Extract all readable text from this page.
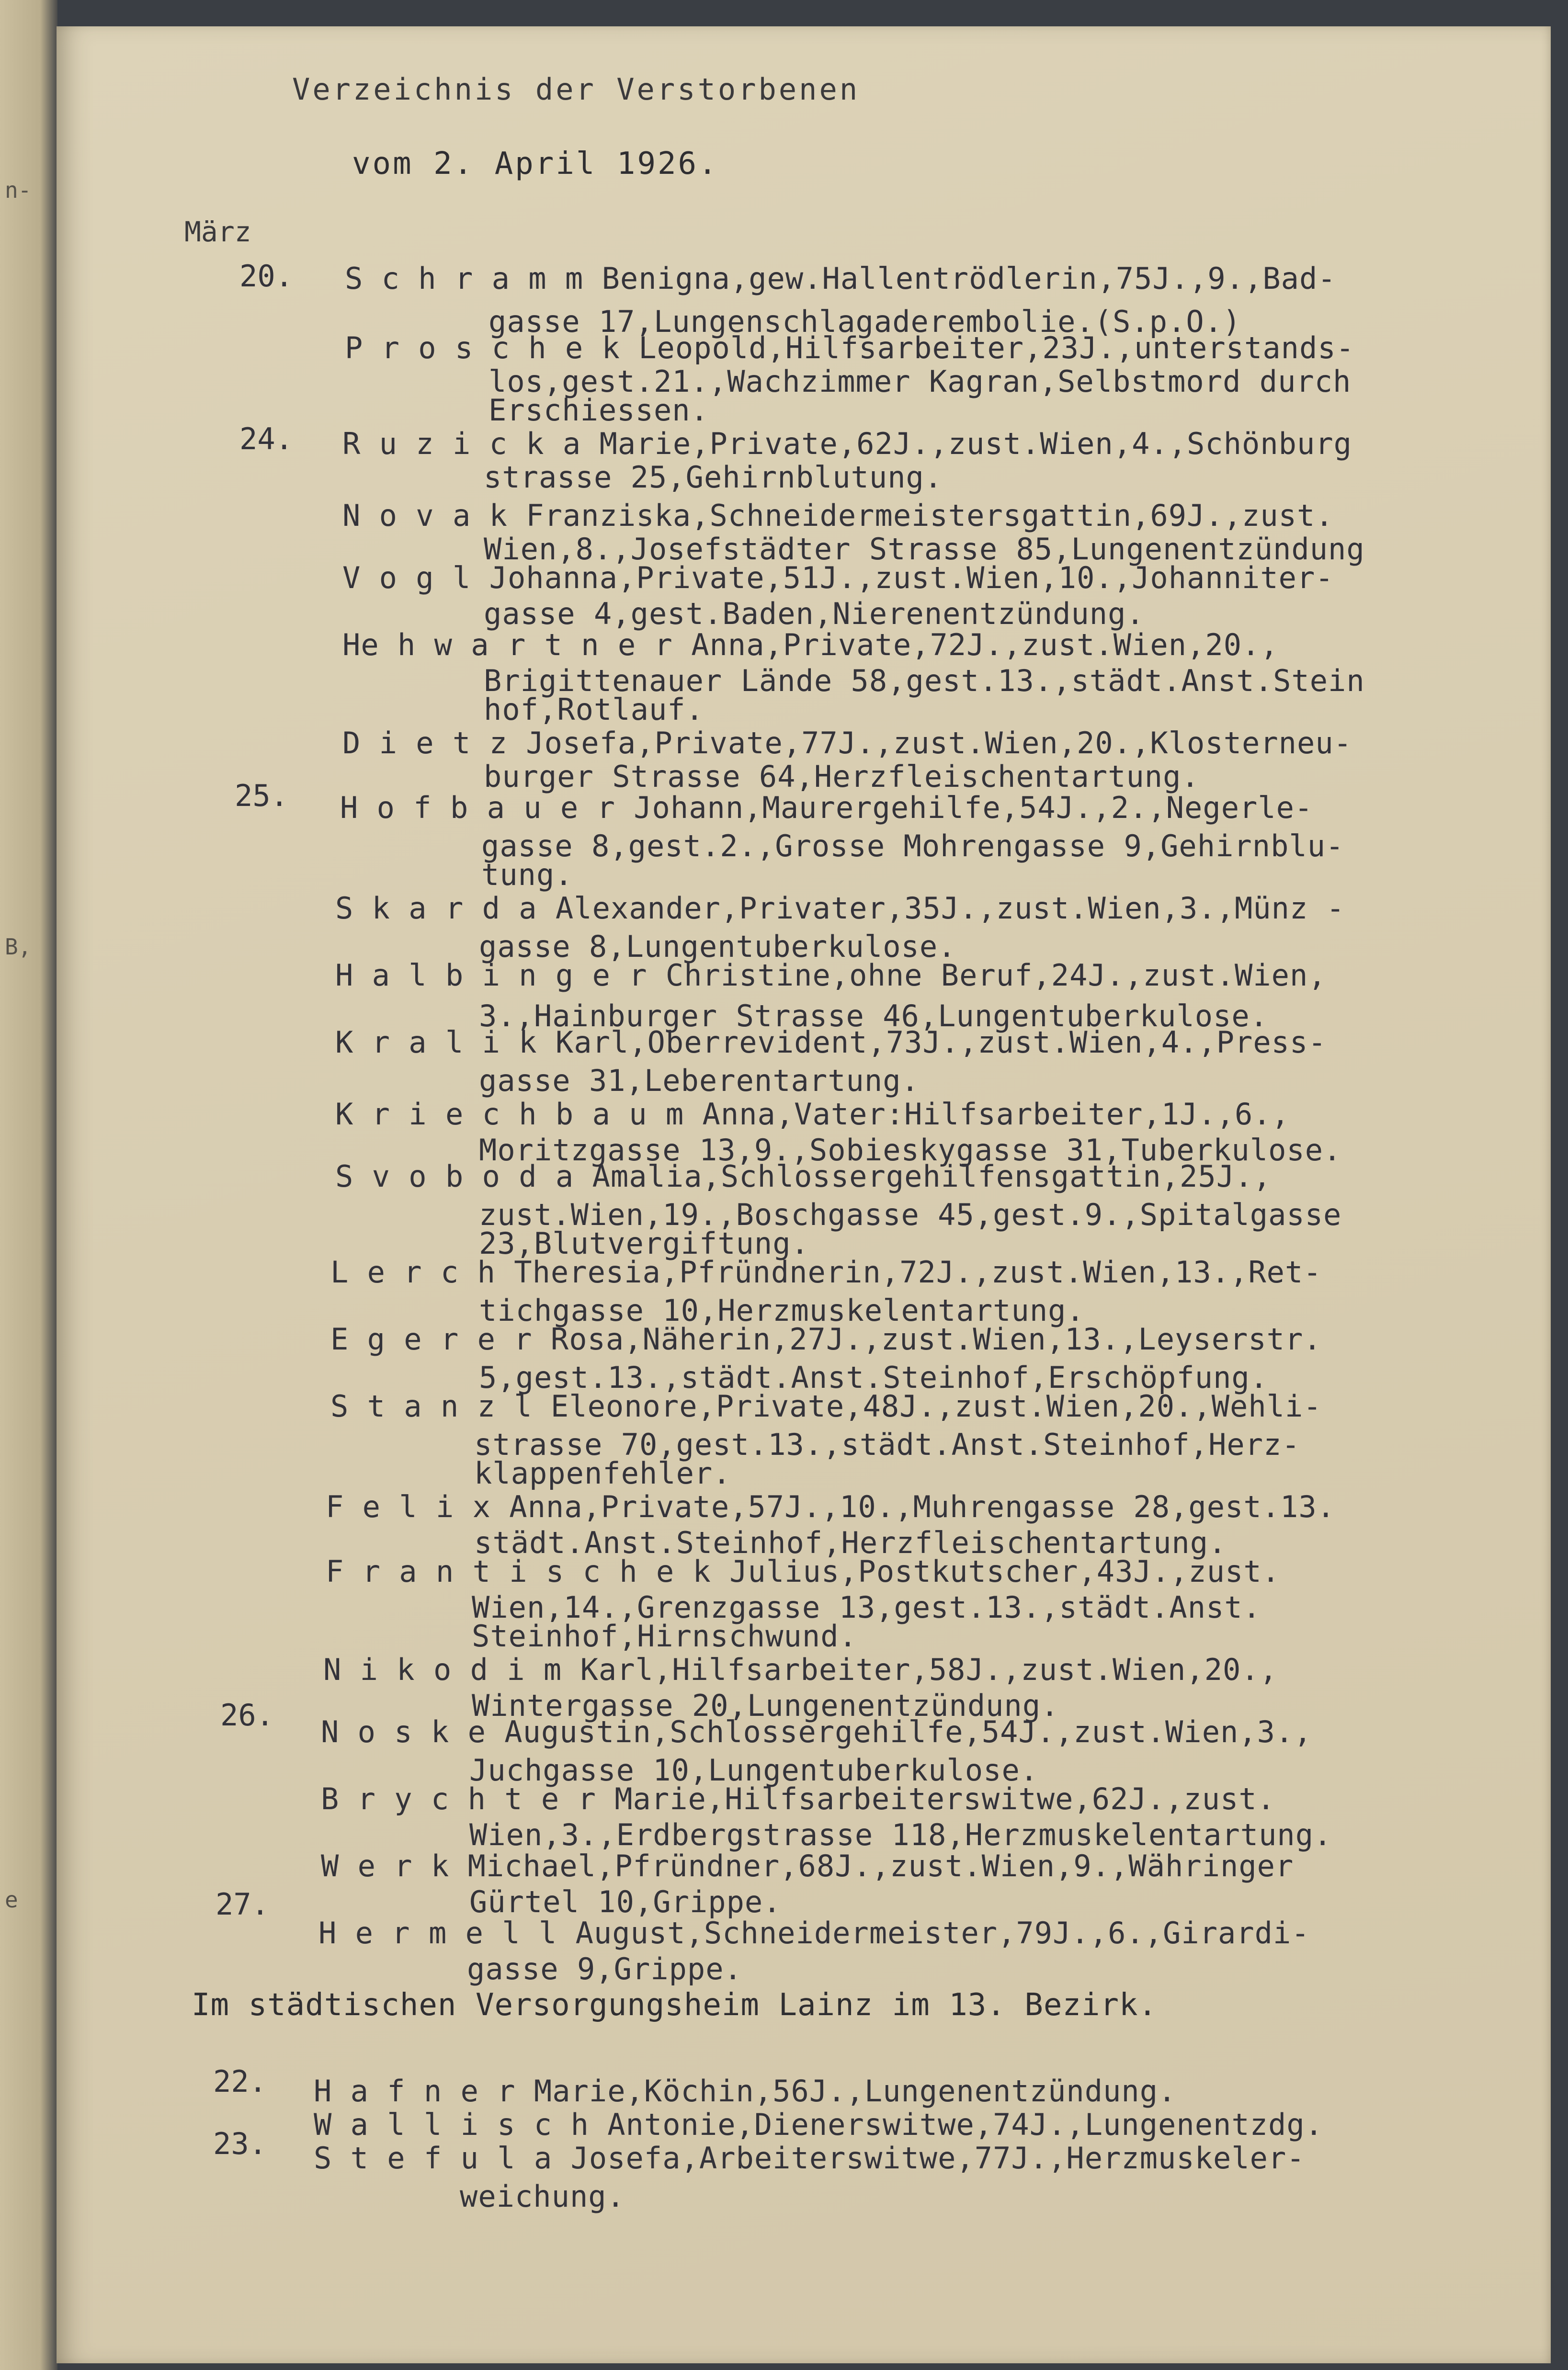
n-
B,
e
Verzeichnis der Verstorbenen
vom 2. April 1926.
März
20.
24.
25.
26.
27.
S c h r a m m Benigna,gew.Hallentrödlerin,75J.,9.,Bad-
gasse 17,Lungenschlagaderembolie.(S.p.O.)
P r o s c h e k Leopold,Hilfsarbeiter,23J.,unterstands-
los,gest.21.,Wachzimmer Kagran,Selbstmord durch
Erschiessen.
R u z i c k a Marie,Private,62J.,zust.Wien,4.,Schönburg
strasse 25,Gehirnblutung.
N o v a k Franziska,Schneidermeistersgattin,69J.,zust.
Wien,8.,Josefstädter Strasse 85,Lungenentzündung
V o g l Johanna,Private,51J.,zust.Wien,10.,Johanniter-
gasse 4,gest.Baden,Nierenentzündung.
He h w a r t n e r Anna,Private,72J.,zust.Wien,20.,
Brigittenauer Lände 58,gest.13.,städt.Anst.Stein
hof,Rotlauf.
D i e t z Josefa,Private,77J.,zust.Wien,20.,Klosterneu-
burger Strasse 64,Herzfleischentartung.
H o f b a u e r Johann,Maurergehilfe,54J.,2.,Negerle-
gasse 8,gest.2.,Grosse Mohrengasse 9,Gehirnblu-
tung.
S k a r d a Alexander,Privater,35J.,zust.Wien,3.,Münz -
gasse 8,Lungentuberkulose.
H a l b i n g e r Christine,ohne Beruf,24J.,zust.Wien,
3.,Hainburger Strasse 46,Lungentuberkulose.
K r a l i k Karl,Oberrevident,73J.,zust.Wien,4.,Press-
gasse 31,Leberentartung.
K r i e c h b a u m Anna,Vater:Hilfsarbeiter,1J.,6.,
Moritzgasse 13,9.,Sobieskygasse 31,Tuberkulose.
S v o b o d a Amalia,Schlossergehilfensgattin,25J.,
zust.Wien,19.,Boschgasse 45,gest.9.,Spitalgasse
23,Blutvergiftung.
L e r c h Theresia,Pfründnerin,72J.,zust.Wien,13.,Ret-
tichgasse 10,Herzmuskelentartung.
E g e r e r Rosa,Näherin,27J.,zust.Wien,13.,Leyserstr.
5,gest.13.,städt.Anst.Steinhof,Erschöpfung.
S t a n z l Eleonore,Private,48J.,zust.Wien,20.,Wehli-
strasse 70,gest.13.,städt.Anst.Steinhof,Herz-
klappenfehler.
F e l i x Anna,Private,57J.,10.,Muhrengasse 28,gest.13.
städt.Anst.Steinhof,Herzfleischentartung.
F r a n t i s c h e k Julius,Postkutscher,43J.,zust.
Wien,14.,Grenzgasse 13,gest.13.,städt.Anst.
Steinhof,Hirnschwund.
N i k o d i m Karl,Hilfsarbeiter,58J.,zust.Wien,20.,
Wintergasse 20,Lungenentzündung.
N o s k e Augustin,Schlossergehilfe,54J.,zust.Wien,3.,
Juchgasse 10,Lungentuberkulose.
B r y c h t e r Marie,Hilfsarbeiterswitwe,62J.,zust.
Wien,3.,Erdbergstrasse 118,Herzmuskelentartung.
W e r k Michael,Pfründner,68J.,zust.Wien,9.,Währinger
Gürtel 10,Grippe.
H e r m e l l August,Schneidermeister,79J.,6.,Girardi-
gasse 9,Grippe.
Im städtischen Versorgungsheim Lainz im 13. Bezirk.
22.
23.
H a f n e r Marie,Köchin,56J.,Lungenentzündung.
W a l l i s c h Antonie,Dienerswitwe,74J.,Lungenentzdg.
S t e f u l a Josefa,Arbeiterswitwe,77J.,Herzmuskeler-
weichung.
